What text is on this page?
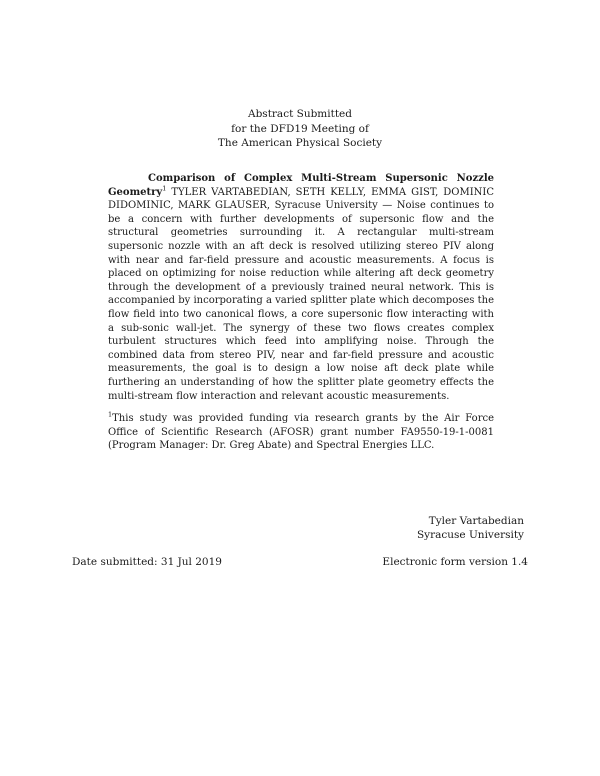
Abstract Submitted
for the DFD19 Meeting of
The American Physical Society

Comparison of Complex Multi-Stream Supersonic Nozzle Geometry$^1$ TYLER VARTABEDIAN, SETH KELLY, EMMA GIST, DOMINIC DIDOMINIC, MARK GLAUSER, Syracuse University — Noise continues to be a concern with further developments of supersonic flow and the structural geometries surrounding it. A rectangular multi-stream supersonic nozzle with an aft deck is resolved utilizing stereo PIV along with near and far-field pressure and acoustic measurements. A focus is placed on optimizing for noise reduction while altering aft deck geometry through the development of a previously trained neural network. This is accompanied by incorporating a varied splitter plate which decomposes the flow field into two canonical flows, a core supersonic flow interacting with a sub-sonic wall-jet. The synergy of these two flows creates complex turbulent structures which feed into amplifying noise. Through the combined data from stereo PIV, near and far-field pressure and acoustic measurements, the goal is to design a low noise aft deck plate while furthering an understanding of how the splitter plate geometry effects the multi-stream flow interaction and relevant acoustic measurements.

$^1$This study was provided funding via research grants by the Air Force Office of Scientific Research (AFOSR) grant number FA9550-19-1-0081 (Program Manager: Dr. Greg Abate) and Spectral Energies LLC.

Tyler Vartabedian
Syracuse University
Date submitted: 31 Jul 2019	Electronic form version 1.4
